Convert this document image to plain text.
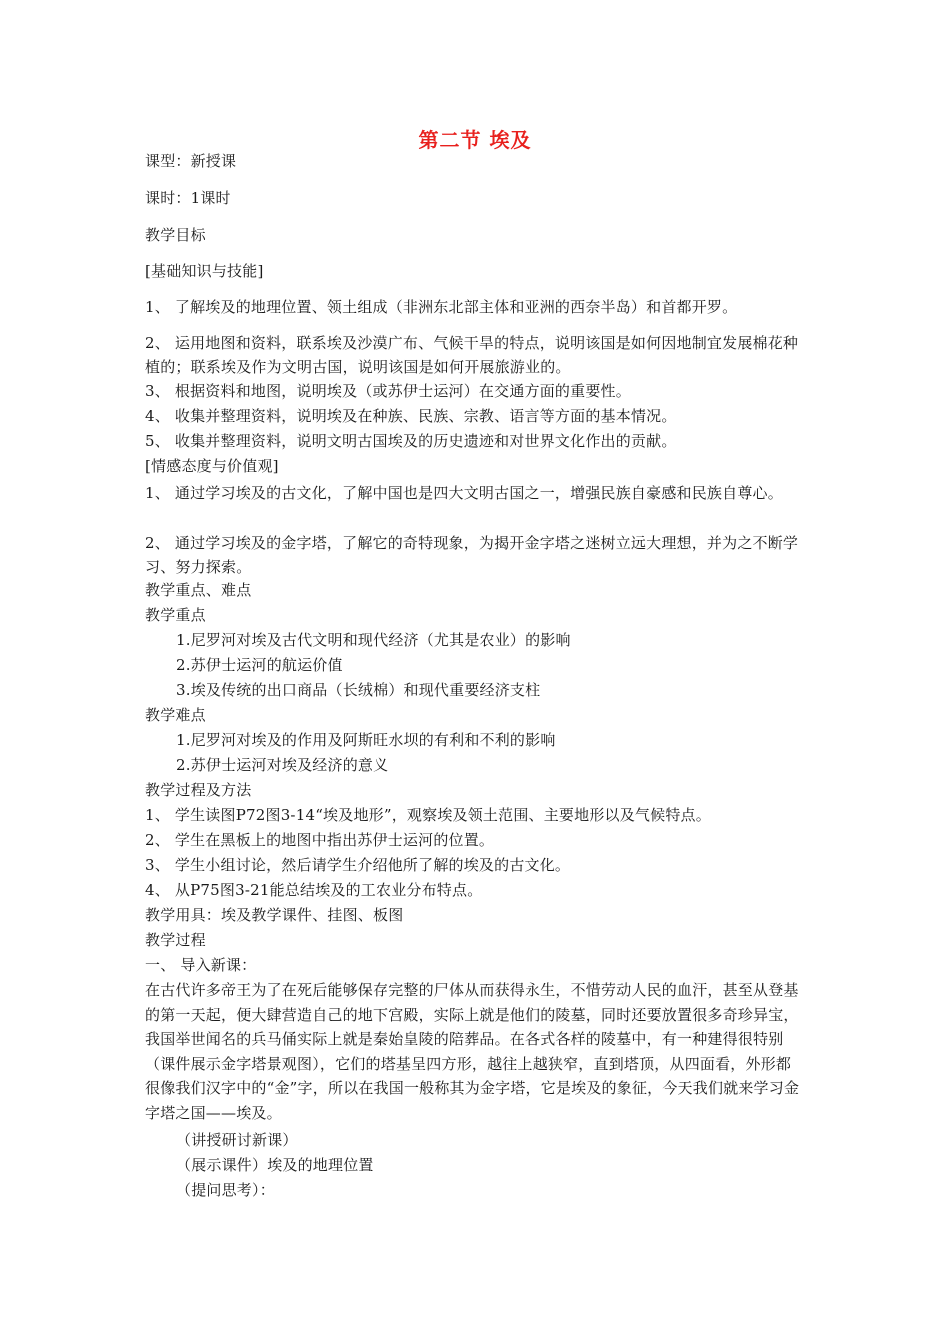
第二节 埃及
课型：新授课
课时：1课时
教学目标
[基础知识与技能]
1、 了解埃及的地理位置、领土组成（非洲东北部主体和亚洲的西奈半岛）和首都开罗。
2、 运用地图和资料，联系埃及沙漠广布、气候干旱的特点，说明该国是如何因地制宜发展棉花种植的；联系埃及作为文明古国，说明该国是如何开展旅游业的。
3、 根据资料和地图，说明埃及（或苏伊士运河）在交通方面的重要性。
4、 收集并整理资料，说明埃及在种族、民族、宗教、语言等方面的基本情况。
5、 收集并整理资料，说明文明古国埃及的历史遗迹和对世界文化作出的贡献。
[情感态度与价值观]
1、 通过学习埃及的古文化，了解中国也是四大文明古国之一，增强民族自豪感和民族自尊心。
2、 通过学习埃及的金字塔，了解它的奇特现象，为揭开金字塔之迷树立远大理想，并为之不断学习、努力探索。
教学重点、难点
教学重点
1.尼罗河对埃及古代文明和现代经济（尤其是农业）的影响
2.苏伊士运河的航运价值
3.埃及传统的出口商品（长绒棉）和现代重要经济支柱
教学难点
1.尼罗河对埃及的作用及阿斯旺水坝的有利和不利的影响
2.苏伊士运河对埃及经济的意义
教学过程及方法
1、 学生读图P72图3-14“埃及地形”，观察埃及领土范围、主要地形以及气候特点。
2、 学生在黑板上的地图中指出苏伊士运河的位置。
3、 学生小组讨论，然后请学生介绍他所了解的埃及的古文化。
4、 从P75图3-21能总结埃及的工农业分布特点。
教学用具：埃及教学课件、挂图、板图
教学过程
一、 导入新课：
在古代许多帝王为了在死后能够保存完整的尸体从而获得永生，不惜劳动人民的血汗，甚至从登基的第一天起，便大肆营造自己的地下宫殿，实际上就是他们的陵墓，同时还要放置很多奇珍异宝，我国举世闻名的兵马俑实际上就是秦始皇陵的陪葬品。在各式各样的陵墓中，有一种建得很特别（课件展示金字塔景观图），它们的塔基呈四方形，越往上越狭窄，直到塔顶，从四面看，外形都很像我们汉字中的“金”字，所以在我国一般称其为金字塔，它是埃及的象征，今天我们就来学习金字塔之国——埃及。
（讲授研讨新课）
（展示课件）埃及的地理位置
（提问思考）：
